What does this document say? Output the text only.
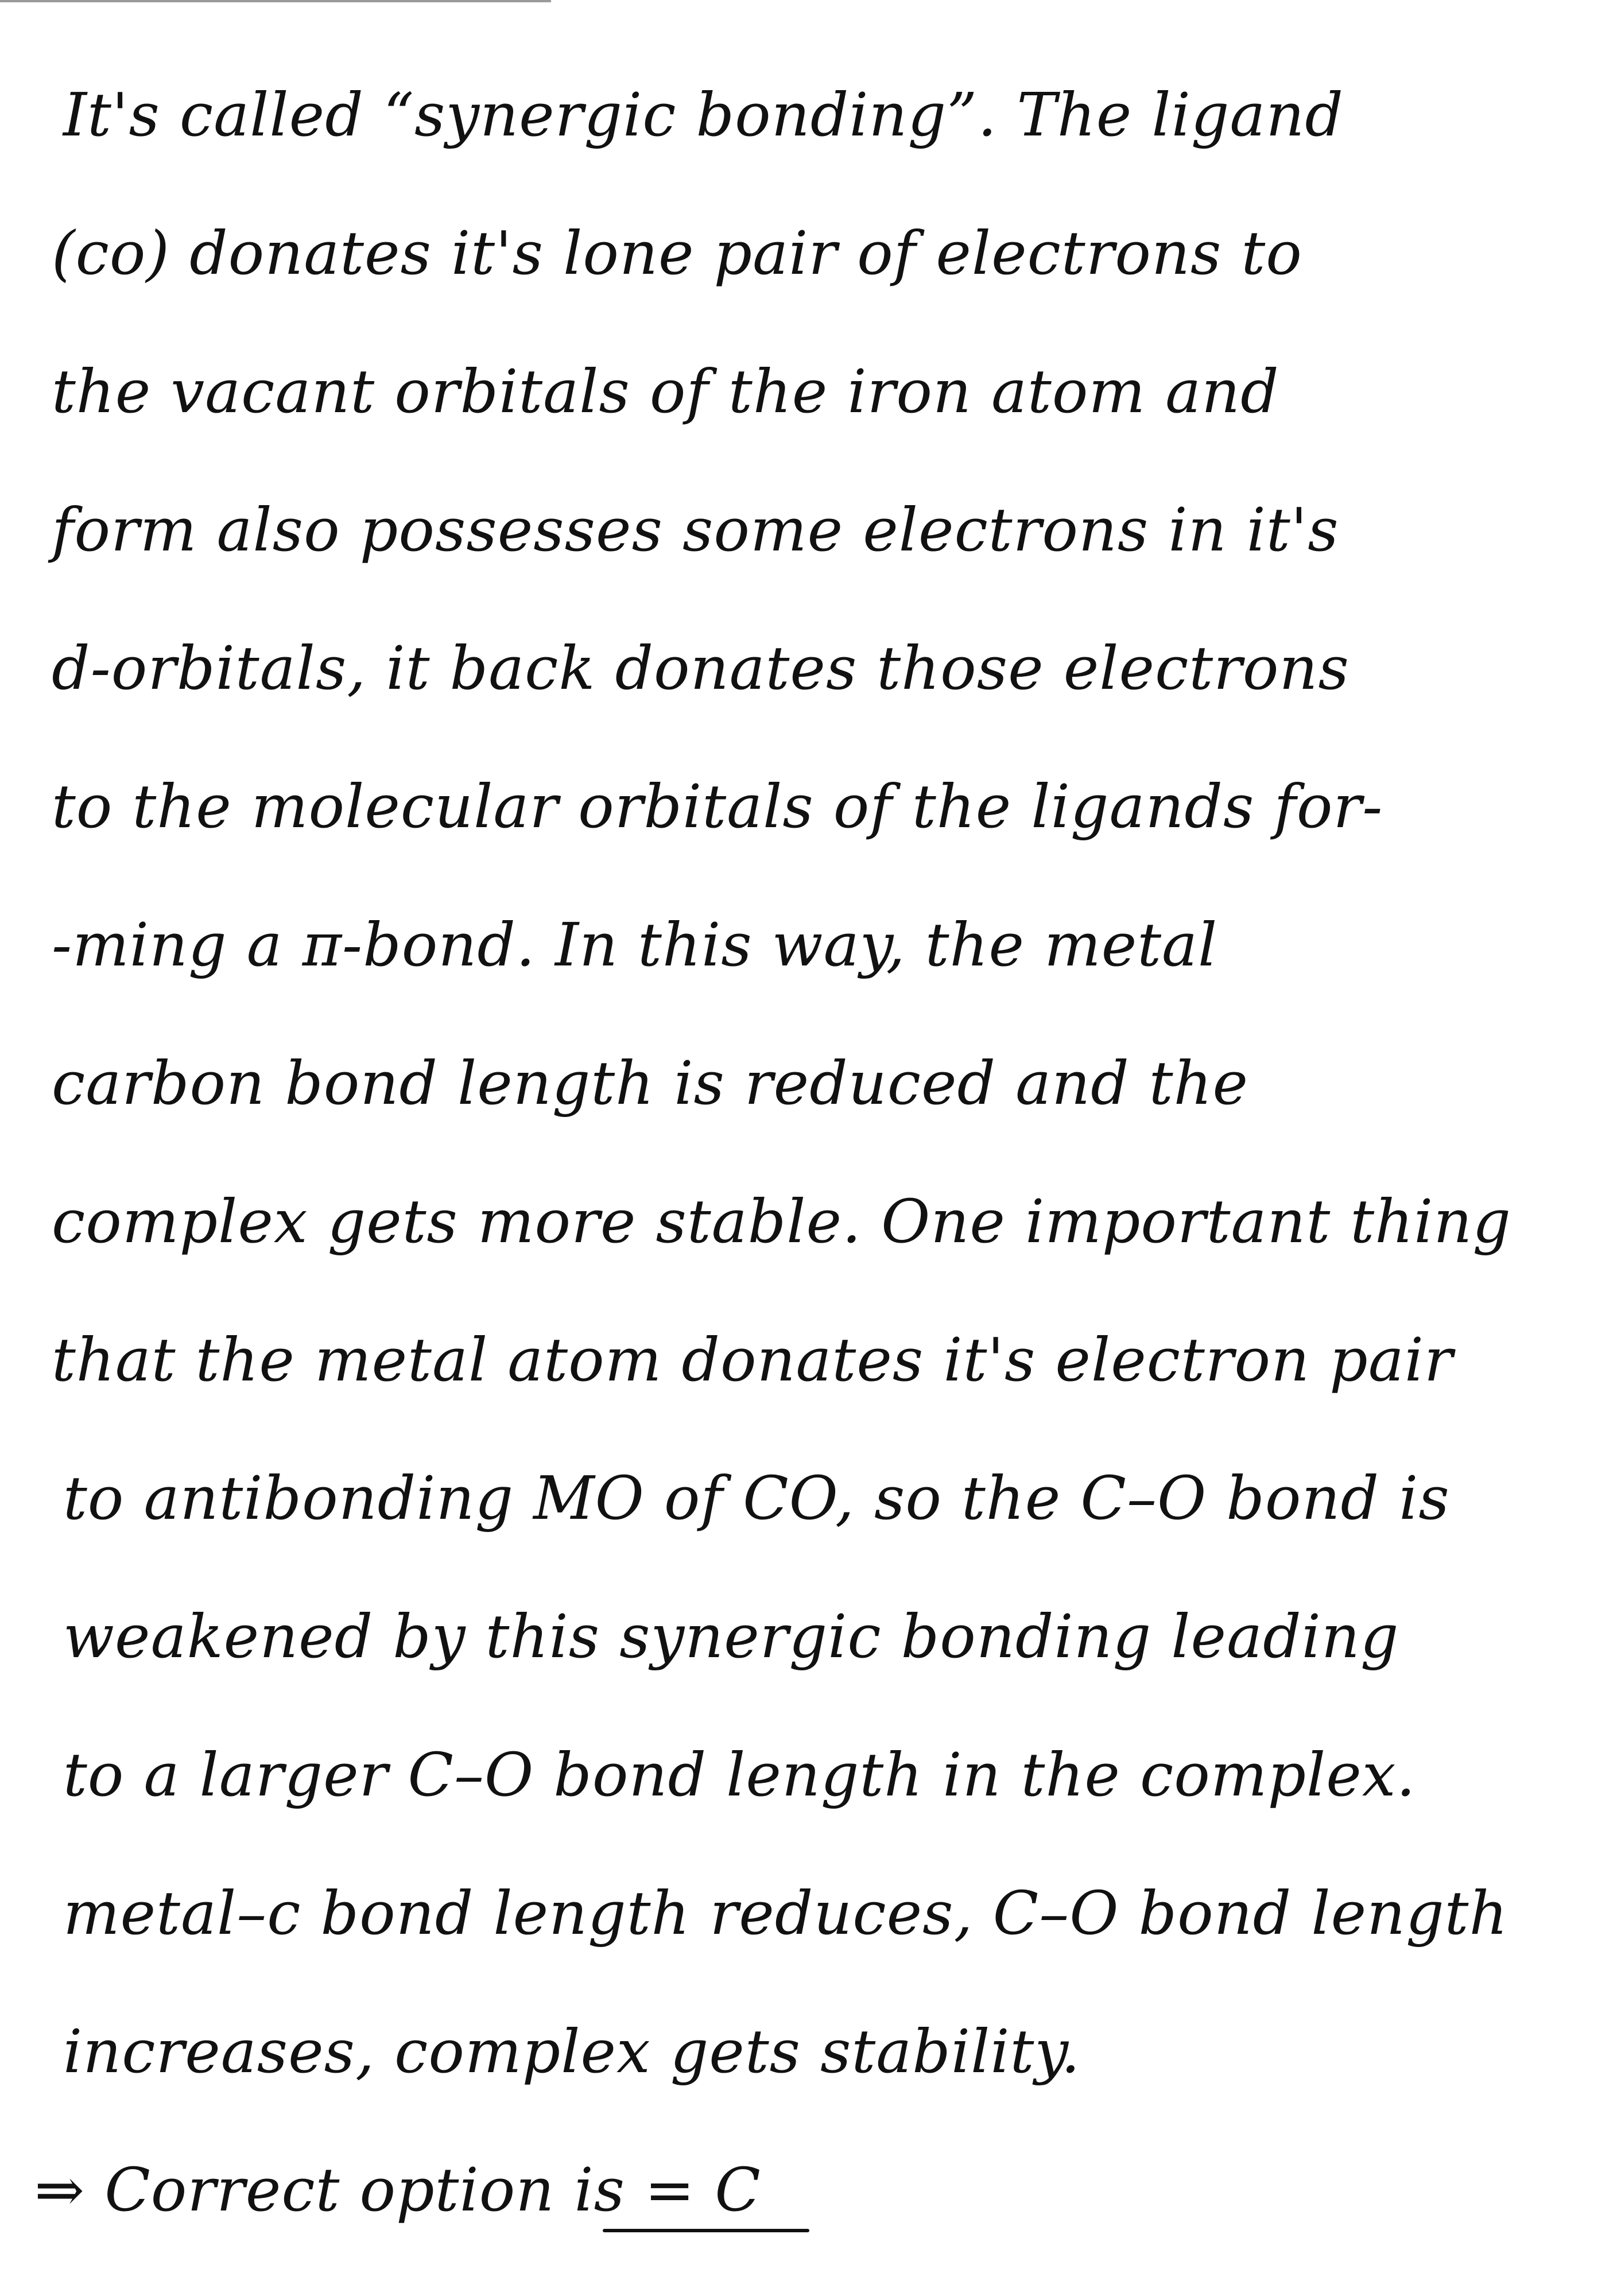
It's called “synergic bonding”. The ligand
(co) donates it's lone pair of electrons to
the vacant orbitals of the iron atom and
form also possesses some electrons in it's
d-orbitals, it back donates those electrons
to the molecular orbitals of the ligands for-
-ming a π-bond. In this way, the metal
carbon bond length is reduced and the
complex gets more stable. One important thing
that the metal atom donates it's electron pair
to antibonding MO of CO, so the C–O bond is
weakened by this synergic bonding leading
to a larger C–O bond length in the complex.
metal–c bond length reduces, C–O bond length
increases, complex gets stability.
⇒ Correct option is = C
